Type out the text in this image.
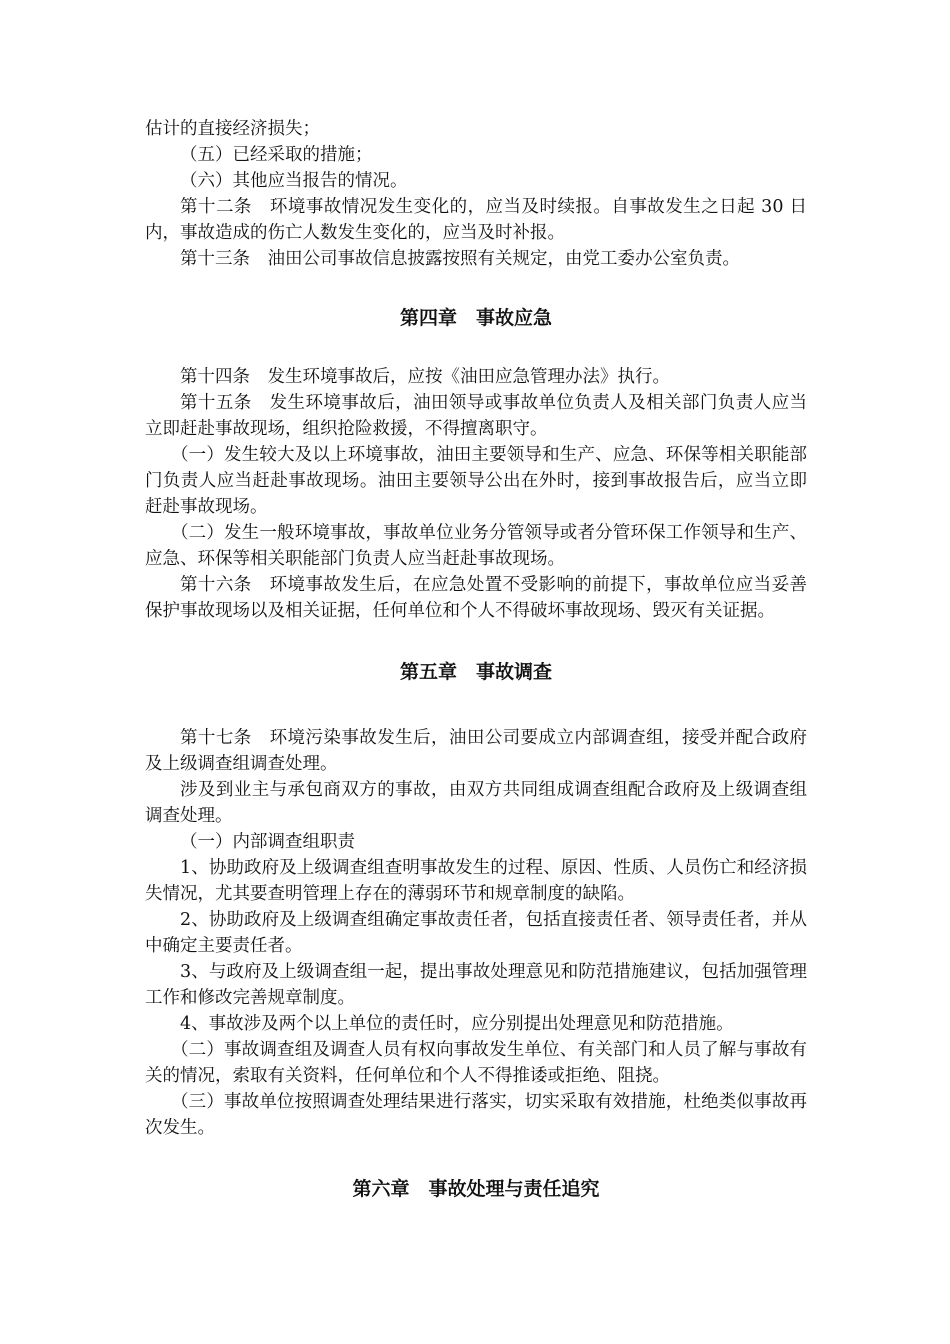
估计的直接经济损失；

（五）已经采取的措施；

（六）其他应当报告的情况。

第十二条　环境事故情况发生变化的，应当及时续报。自事故发生之日起 30 日内，事故造成的伤亡人数发生变化的，应当及时补报。

第十三条　油田公司事故信息披露按照有关规定，由党工委办公室负责。

第四章　事故应急

第十四条　发生环境事故后，应按《油田应急管理办法》执行。

第十五条　发生环境事故后，油田领导或事故单位负责人及相关部门负责人应当立即赶赴事故现场，组织抢险救援，不得擅离职守。

（一）发生较大及以上环境事故，油田主要领导和生产、应急、环保等相关职能部门负责人应当赶赴事故现场。油田主要领导公出在外时，接到事故报告后，应当立即赶赴事故现场。

（二）发生一般环境事故，事故单位业务分管领导或者分管环保工作领导和生产、应急、环保等相关职能部门负责人应当赶赴事故现场。

第十六条　环境事故发生后，在应急处置不受影响的前提下，事故单位应当妥善保护事故现场以及相关证据，任何单位和个人不得破坏事故现场、毁灭有关证据。

第五章　事故调查

第十七条　环境污染事故发生后，油田公司要成立内部调查组，接受并配合政府及上级调查组调查处理。

涉及到业主与承包商双方的事故，由双方共同组成调查组配合政府及上级调查组调查处理。

（一）内部调查组职责

1、协助政府及上级调查组查明事故发生的过程、原因、性质、人员伤亡和经济损失情况，尤其要查明管理上存在的薄弱环节和规章制度的缺陷。

2、协助政府及上级调查组确定事故责任者，包括直接责任者、领导责任者，并从中确定主要责任者。

3、与政府及上级调查组一起，提出事故处理意见和防范措施建议，包括加强管理工作和修改完善规章制度。

4、事故涉及两个以上单位的责任时，应分别提出处理意见和防范措施。

（二）事故调查组及调查人员有权向事故发生单位、有关部门和人员了解与事故有关的情况，索取有关资料，任何单位和个人不得推诿或拒绝、阻挠。

（三）事故单位按照调查处理结果进行落实，切实采取有效措施，杜绝类似事故再次发生。

第六章　事故处理与责任追究
